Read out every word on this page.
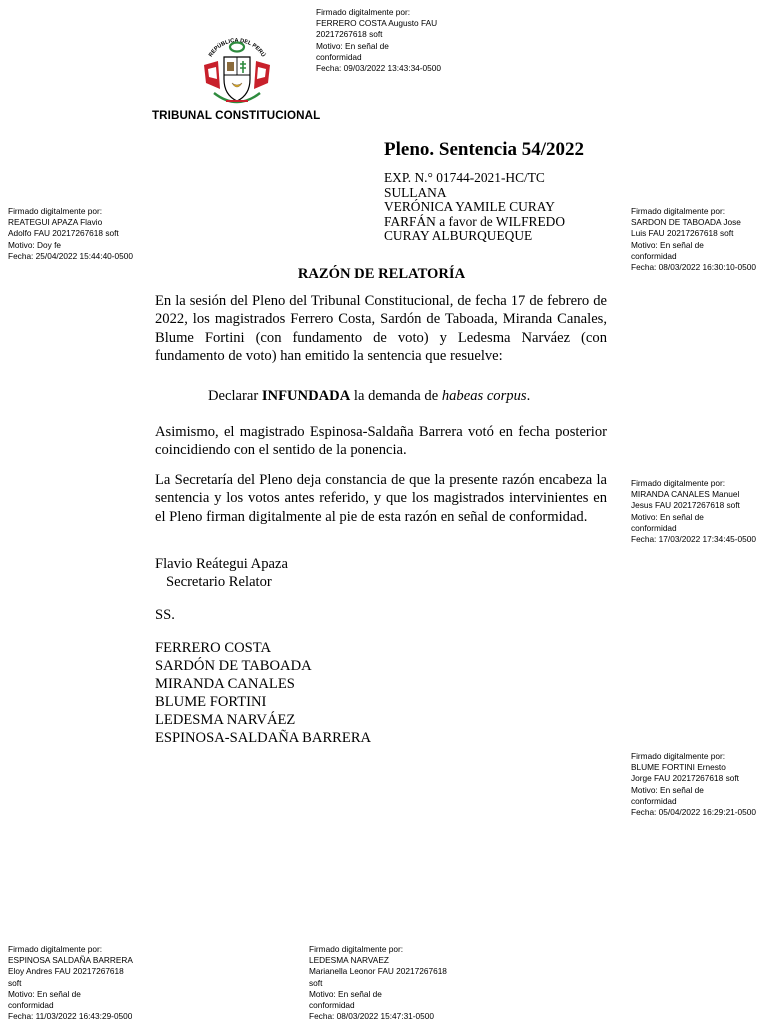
Firmado digitalmente por:
FERRERO COSTA Augusto FAU
20217267618 soft
Motivo: En señal de
conformidad
Fecha: 09/03/2022 13:43:34-0500
Firmado digitalmente por:
REATEGUI APAZA Flavio
Adolfo FAU 20217267618 soft
Motivo: Doy fe
Fecha: 25/04/2022 15:44:40-0500
Firmado digitalmente por:
SARDON DE TABOADA Jose
Luis FAU 20217267618 soft
Motivo: En señal de
conformidad
Fecha: 08/03/2022 16:30:10-0500
Firmado digitalmente por:
MIRANDA CANALES Manuel
Jesus FAU 20217267618 soft
Motivo: En señal de
conformidad
Fecha: 17/03/2022 17:34:45-0500
Firmado digitalmente por:
BLUME FORTINI Ernesto
Jorge FAU 20217267618 soft
Motivo: En señal de
conformidad
Fecha: 05/04/2022 16:29:21-0500
Firmado digitalmente por:
ESPINOSA SALDAÑA BARRERA
Eloy Andres FAU 20217267618
soft
Motivo: En señal de
conformidad
Fecha: 11/03/2022 16:43:29-0500
Firmado digitalmente por:
LEDESMA NARVAEZ
Marianella Leonor FAU 20217267618
soft
Motivo: En señal de
conformidad
Fecha: 08/03/2022 15:47:31-0500
REPÚBLICA DEL PERÚ
TRIBUNAL CONSTITUCIONAL
Pleno. Sentencia 54/2022
EXP. N.° 01744-2021-HC/TC
SULLANA
VERÓNICA YAMILE CURAY
FARFÁN a favor de WILFREDO
CURAY ALBURQUEQUE
RAZÓN DE RELATORÍA

En la sesión del Pleno del Tribunal Constitucional, de fecha 17 de febrero de 2022, los magistrados Ferrero Costa, Sardón de Taboada, Miranda Canales, Blume Fortini (con fundamento de voto) y Ledesma Narváez (con fundamento de voto) han emitido la sentencia que resuelve:

Declarar INFUNDADA la demanda de habeas corpus.

Asimismo, el magistrado Espinosa-Saldaña Barrera votó en fecha posterior coincidiendo con el sentido de la ponencia.

La Secretaría del Pleno deja constancia de que la presente razón encabeza la sentencia y los votos antes referido, y que los magistrados intervinientes en el Pleno firman digitalmente al pie de esta razón en señal de conformidad.

Flavio Reátegui Apaza
Secretario Relator
SS.
FERRERO COSTA
SARDÓN DE TABOADA
MIRANDA CANALES
BLUME FORTINI
LEDESMA NARVÁEZ
ESPINOSA-SALDAÑA BARRERA
